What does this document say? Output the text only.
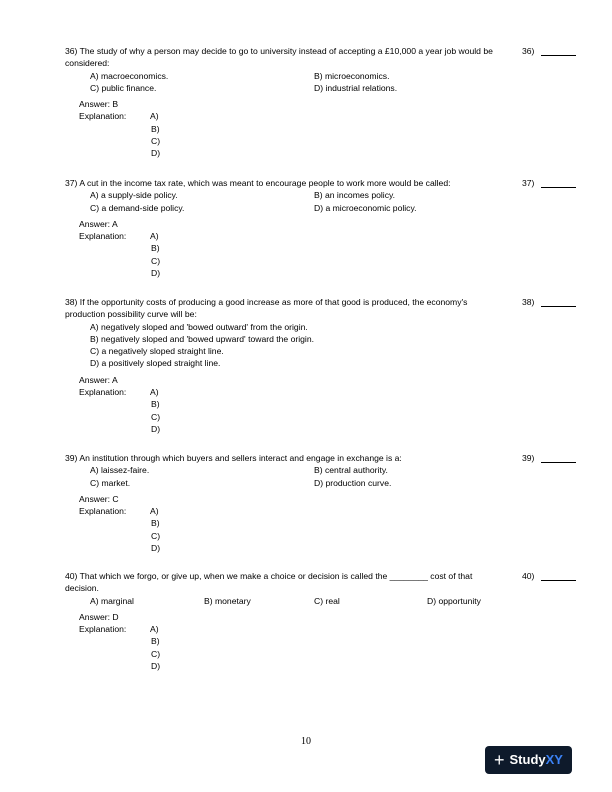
36) The study of why a person may decide to go to university instead of accepting a £10,000 a year job would be considered:
36)
A) macroeconomics.	B) microeconomics.
C) public finance.	D) industrial relations.
Answer: B
Explanation:	A)
B)
C)
D)
37) A cut in the income tax rate, which was meant to encourage people to work more would be called:	37)
A) a supply-side policy.	B) an incomes policy.
C) a demand-side policy.	D) a microeconomic policy.
Answer: A
Explanation:	A)
B)
C)
D)
38) If the opportunity costs of producing a good increase as more of that good is produced, the economy's production possibility curve will be:
38)
A) negatively sloped and 'bowed outward' from the origin.
B) negatively sloped and 'bowed upward' toward the origin.
C) a negatively sloped straight line.
D) a positively sloped straight line.
Answer: A
Explanation:	A)
B)
C)
D)
39) An institution through which buyers and sellers interact and engage in exchange is a:	39)
A) laissez-faire.	B) central authority.
C) market.	D) production curve.
Answer: C
Explanation:	A)
B)
C)
D)
40) That which we forgo, or give up, when we make a choice or decision is called the ________ cost of that decision.
40)
A) marginal	B) monetary	C) real	D) opportunity
Answer: D
Explanation:	A)
B)
C)
D)
10
+ Study XY
